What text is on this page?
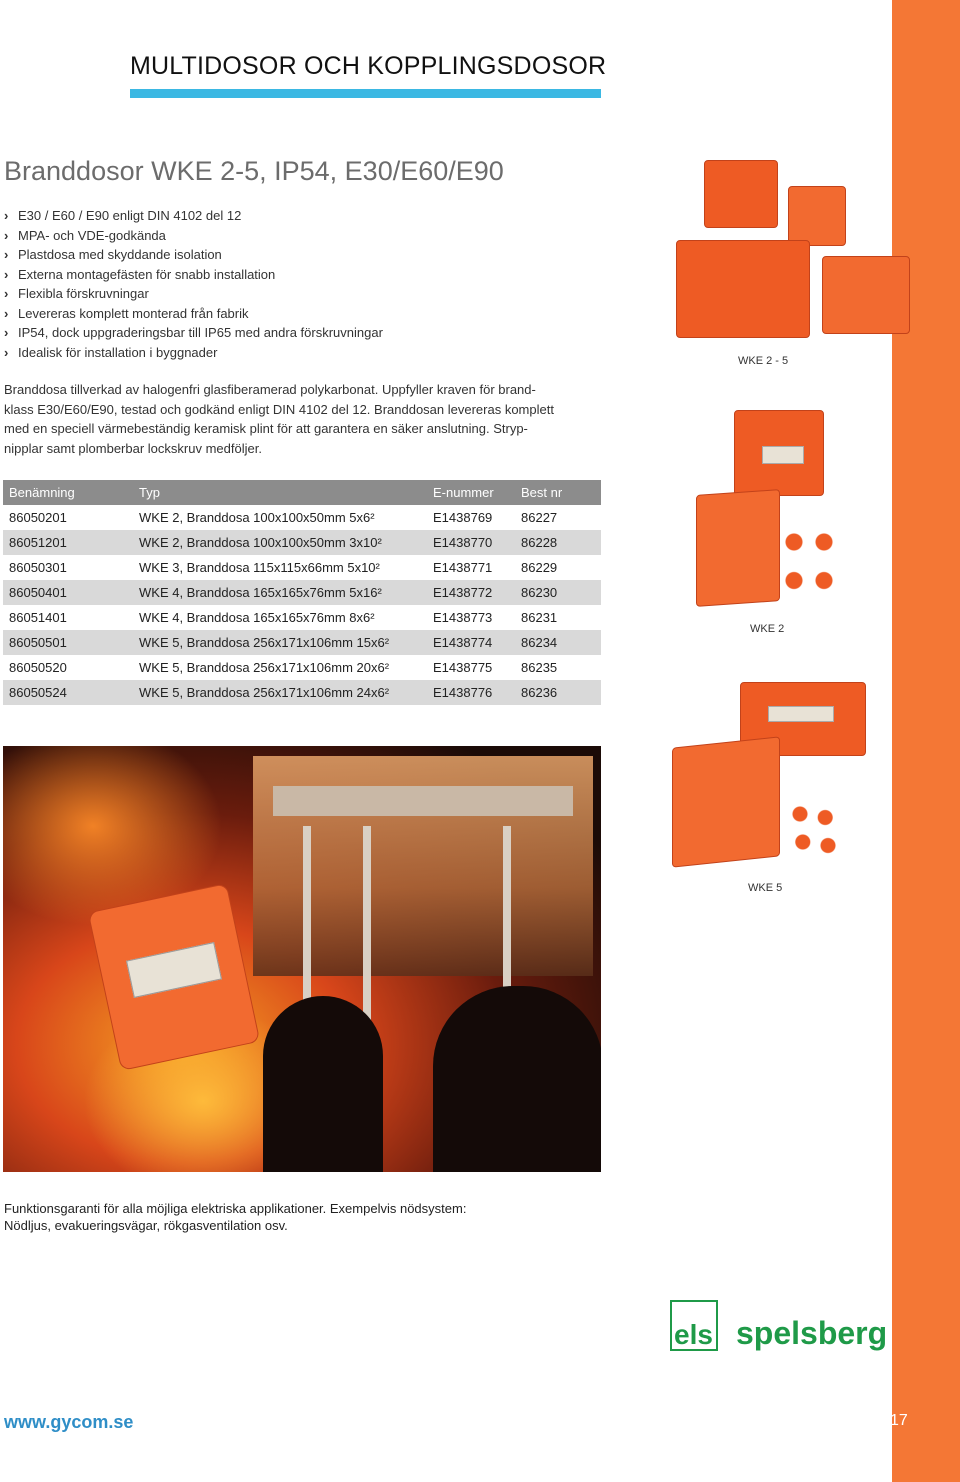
MULTIDOSOR OCH KOPPLINGSDOSOR
Branddosor WKE 2-5, IP54, E30/E60/E90
› E30 / E60 / E90 enligt DIN 4102 del 12
› MPA- och VDE-godkända
› Plastdosa med skyddande isolation
› Externa montagefästen för snabb installation
› Flexibla förskruvningar
› Levereras komplett monterad från fabrik
› IP54, dock uppgraderingsbar till IP65 med andra förskruvningar
› Idealisk för installation i byggnader
Branddosa tillverkad av halogenfri glasfiberamerad polykarbonat. Uppfyller kraven för brand-
klass E30/E60/E90, testad och godkänd enligt DIN 4102 del 12. Branddosan levereras komplett
med en speciell värmebeständig keramisk plint för att garantera en säker anslutning. Stryp-
nipplar samt plomberbar lockskruv medföljer.
Benämning	Typ	E-nummer	Best nr
86050201	WKE 2, Branddosa 100x100x50mm 5x6²	E1438769	86227
86051201	WKE 2, Branddosa 100x100x50mm 3x10²	E1438770	86228
86050301	WKE 3, Branddosa 115x115x66mm 5x10²	E1438771	86229
86050401	WKE 4, Branddosa 165x165x76mm 5x16²	E1438772	86230
86051401	WKE 4, Branddosa 165x165x76mm 8x6²	E1438773	86231
86050501	WKE 5, Branddosa 256x171x106mm 15x6²	E1438774	86234
86050520	WKE 5, Branddosa 256x171x106mm 20x6²	E1438775	86235
86050524	WKE 5, Branddosa 256x171x106mm 24x6²	E1438776	86236
WKE 2 - 5
WKE 2
WKE 5
Funktionsgaranti för alla möjliga elektriska applikationer. Exempelvis nödsystem:
Nödljus, evakueringsvägar, rökgasventilation osv.
els spelsberg
www.gycom.se	17
